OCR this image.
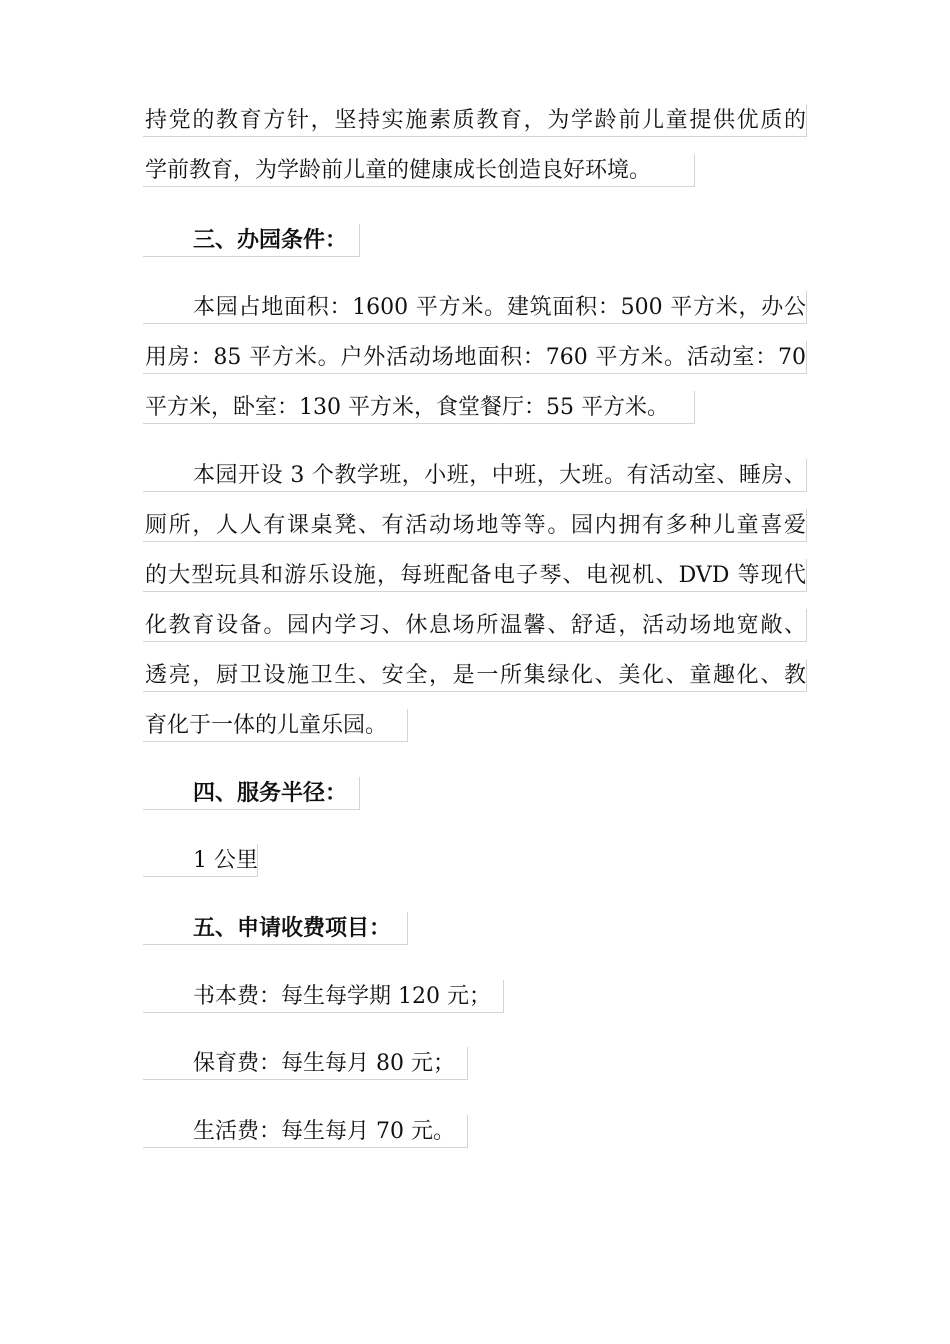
持党的教育方针，坚持实施素质教育，为学龄前儿童提供优质的
学前教育，为学龄前儿童的健康成长创造良好环境。
三、办园条件：
本园占地面积：1600 平方米。建筑面积：500 平方米，办公
用房：85 平方米。户外活动场地面积：760 平方米。活动室：70
平方米，卧室：130 平方米，食堂餐厅：55 平方米。
本园开设 3 个教学班，小班，中班，大班。有活动室、睡房、
厕所，人人有课桌凳、有活动场地等等。园内拥有多种儿童喜爱
的大型玩具和游乐设施，每班配备电子琴、电视机、DVD 等现代
化教育设备。园内学习、休息场所温馨、舒适，活动场地宽敞、
透亮，厨卫设施卫生、安全，是一所集绿化、美化、童趣化、教
育化于一体的儿童乐园。
四、服务半径：
1 公里
五、申请收费项目：
书本费：每生每学期 120 元；
保育费：每生每月 80 元；
生活费：每生每月 70 元。
